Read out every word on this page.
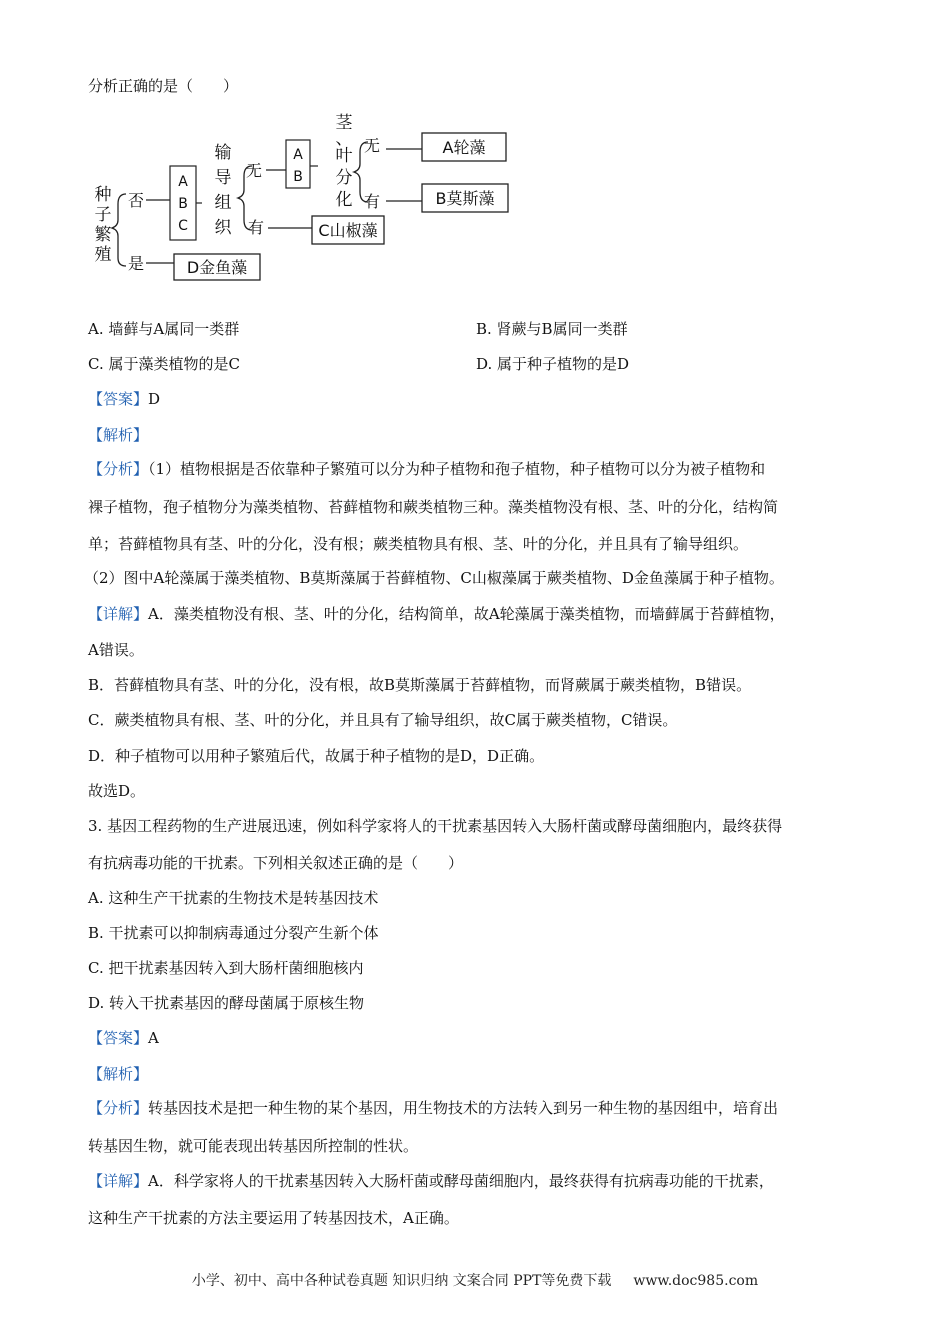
分析正确的是（　　）
种
子
繁
殖
否
是
A
B
C
输
导
组
织
无
有
A
B
茎
、
叶
分
化
无
有
A轮藻
B莫斯藻
C山椒藻
D金鱼藻
A. 墙藓与A属同一类群	B. 肾蕨与B属同一类群
C. 属于藻类植物的是C	D. 属于种子植物的是D
【答案】D
【解析】
【分析】（1）植物根据是否依靠种子繁殖可以分为种子植物和孢子植物，种子植物可以分为被子植物和
裸子植物，孢子植物分为藻类植物、苔藓植物和蕨类植物三种。藻类植物没有根、茎、叶的分化，结构简
单；苔藓植物具有茎、叶的分化，没有根；蕨类植物具有根、茎、叶的分化，并且具有了输导组织。
（2）图中A轮藻属于藻类植物、B莫斯藻属于苔藓植物、C山椒藻属于蕨类植物、D金鱼藻属于种子植物。
【详解】A．藻类植物没有根、茎、叶的分化，结构简单，故A轮藻属于藻类植物，而墙藓属于苔藓植物，
A错误。
B．苔藓植物具有茎、叶的分化，没有根，故B莫斯藻属于苔藓植物，而肾蕨属于蕨类植物，B错误。
C．蕨类植物具有根、茎、叶的分化，并且具有了输导组织，故C属于蕨类植物，C错误。
D．种子植物可以用种子繁殖后代，故属于种子植物的是D，D正确。
故选D。
3. 基因工程药物的生产进展迅速，例如科学家将人的干扰素基因转入大肠杆菌或酵母菌细胞内，最终获得
有抗病毒功能的干扰素。下列相关叙述正确的是（　　）
A. 这种生产干扰素的生物技术是转基因技术
B. 干扰素可以抑制病毒通过分裂产生新个体
C. 把干扰素基因转入到大肠杆菌细胞核内
D. 转入干扰素基因的酵母菌属于原核生物
【答案】A
【解析】
【分析】转基因技术是把一种生物的某个基因，用生物技术的方法转入到另一种生物的基因组中，培育出
转基因生物，就可能表现出转基因所控制的性状。
【详解】A．科学家将人的干扰素基因转入大肠杆菌或酵母菌细胞内，最终获得有抗病毒功能的干扰素，
这种生产干扰素的方法主要运用了转基因技术，A正确。
小学、初中、高中各种试卷真题 知识归纳 文案合同 PPT等免费下载 www.doc985.com
